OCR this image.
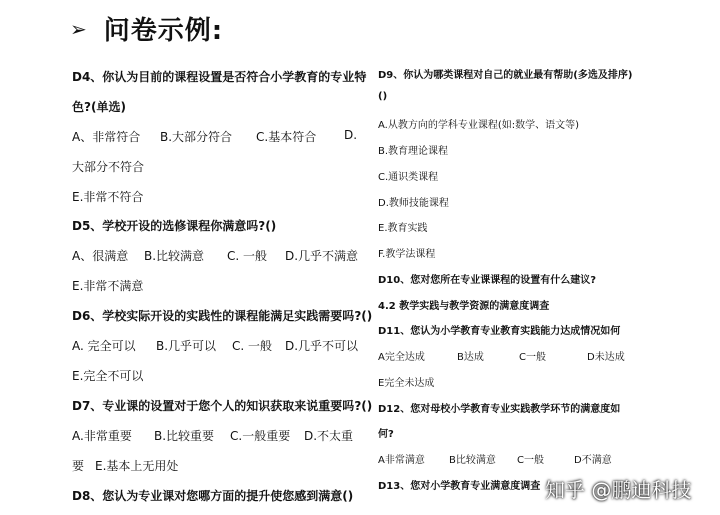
➢ 问卷示例:
D4、你认为目前的课程设置是否符合小学教育的专业特
色?(单选)
A、非常符合 B.大部分符合 C.基本符合 D.
大部分不符合
E.非常不符合
D5、学校开设的选修课程你满意吗?()
A、很满意 B.比较满意 C. 一般 D.几乎不满意
E.非常不满意
D6、学校实际开设的实践性的课程能满足实践需要吗?()
A. 完全可以 B.几乎可以 C. 一般 D.几乎不可以
E.完全不可以
D7、专业课的设置对于您个人的知识获取来说重要吗?()
A.非常重要 B.比较重要 C.一般重要 D.不太重
要 E.基本上无用处
D8、您认为专业课对您哪方面的提升使您感到满意()
D9、你认为哪类课程对自己的就业最有帮助(多选及排序)
()
A.从教方向的学科专业课程(如:数学、语文等)
B.教育理论课程
C.通识类课程
D.教师技能课程
E.教育实践
F.教学法课程
D10、您对您所在专业课课程的设置有什么建议?
4.2 教学实践与教学资源的满意度调查
D11、您认为小学教育专业教育实践能力达成情况如何
A完全达成	B达成	C一般	D未达成
E完全未达成
D12、您对母校小学教育专业实践教学环节的满意度如
何?
A非常满意 B比较满意 C一般	D不满意
D13、您对小学教育专业满意度调查 知乎 @鹏迪科技
